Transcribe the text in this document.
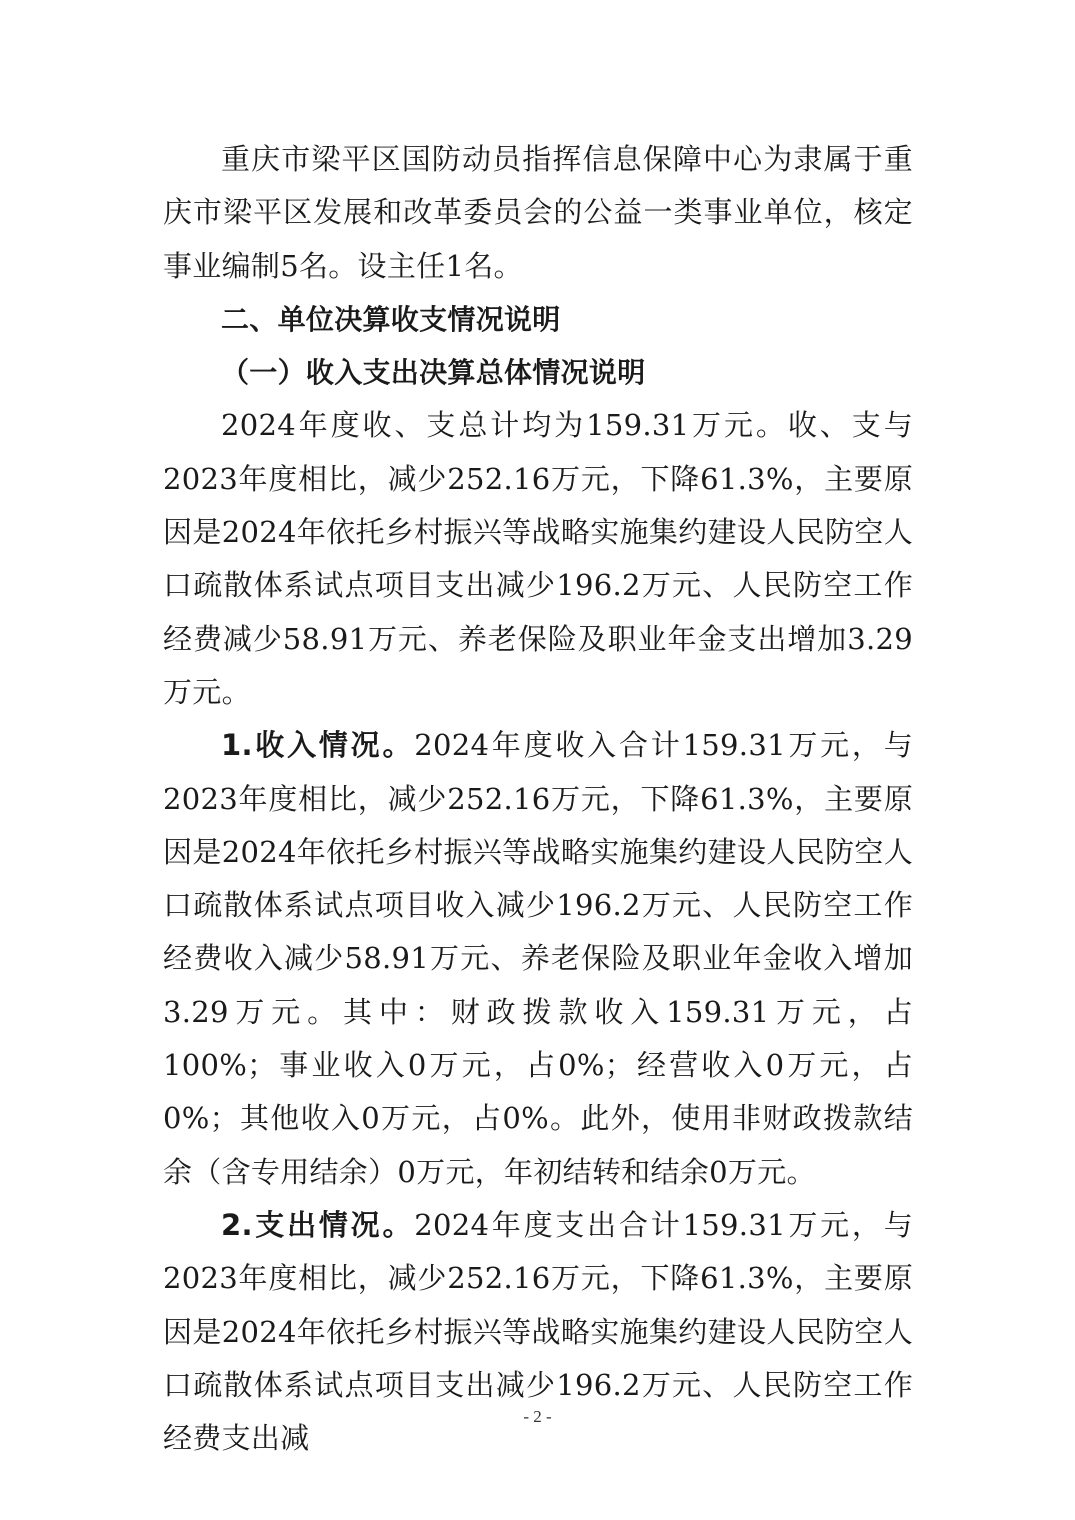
重庆市梁平区国防动员指挥信息保障中心为隶属于重庆市梁平区发展和改革委员会的公益一类事业单位，核定事业编制5名。设主任1名。

二、单位决算收支情况说明

（一）收入支出决算总体情况说明

2024年度收、支总计均为159.31万元。收、支与2023年度相比，减少252.16万元，下降61.3%，主要原因是2024年依托乡村振兴等战略实施集约建设人民防空人口疏散体系试点项目支出减少196.2万元、人民防空工作经费减少58.91万元、养老保险及职业年金支出增加3.29万元。

1.收入情况。2024年度收入合计159.31万元，与2023年度相比，减少252.16万元，下降61.3%，主要原因是2024年依托乡村振兴等战略实施集约建设人民防空人口疏散体系试点项目收入减少196.2万元、人民防空工作经费收入减少58.91万元、养老保险及职业年金收入增加3.29万元。其中：财政拨款收入159.31万元，占100%；事业收入0万元，占0%；经营收入0万元，占0%；其他收入0万元，占0%。此外，使用非财政拨款结余（含专用结余）0万元，年初结转和结余0万元。

2.支出情况。2024年度支出合计159.31万元，与2023年度相比，减少252.16万元，下降61.3%，主要原因是2024年依托乡村振兴等战略实施集约建设人民防空人口疏散体系试点项目支出减少196.2万元、人民防空工作经费支出减

- 2 -
